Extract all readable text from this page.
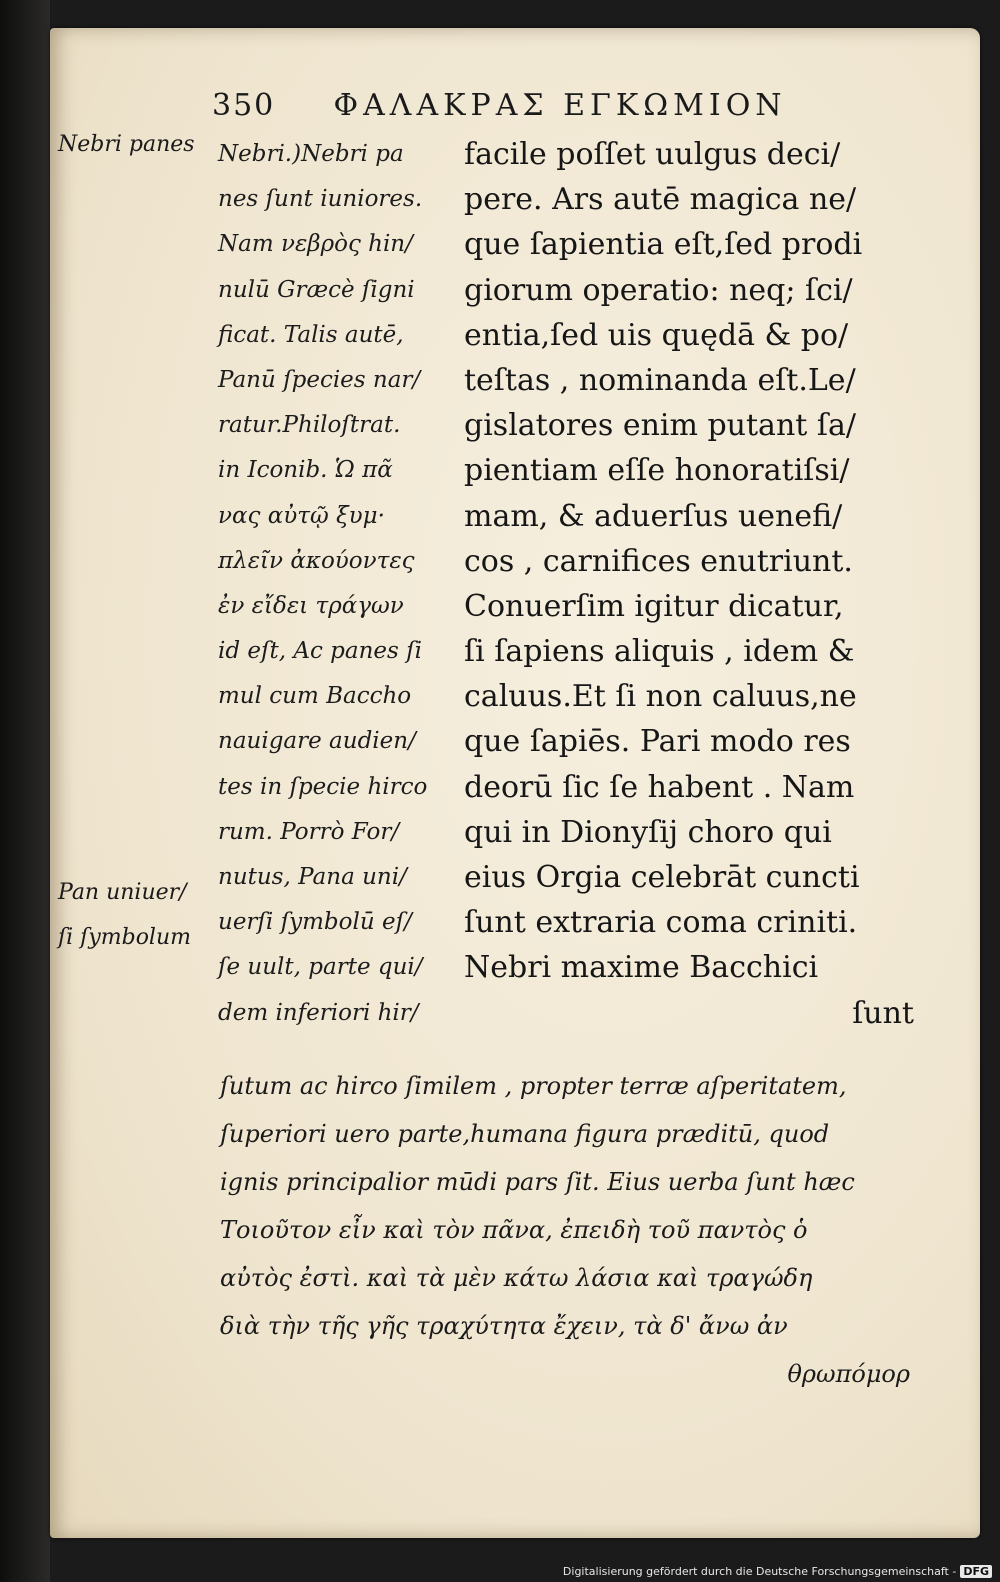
350 ΦΑΛΑΚΡΑΣ ΕΓΚΩΜΙΟΝ
Nebri panes
Pan uniuer/
ſi ſymbolum
Nebri.)Nebri pa
nes ſunt iuniores.
Nam νεβρὸς hin/
nulū Græcè ſigni
ficat. Talis autē,
Panū ſpecies nar/
ratur.Philoſtrat.
in Iconib. Ὡ πᾶ
νας αὐτῷ ξυμ·
πλεῖν ἀκούοντες
ἐν εἴδει τράγων
id eſt, Ac panes ſi
mul cum Baccho
nauigare audien/
tes in ſpecie hirco
rum. Porrò For/
nutus, Pana uni/
uerſi ſymbolū eſ/
ſe uult, parte qui/
dem inferiori hir/
facile poſſet uulgus deci/
pere. Ars autē magica ne/
que ſapientia eſt,ſed prodi
giorum operatio: neq; ſci/
entia,ſed uis quędā & po/
teſtas , nominanda eſt.Le/
gislatores enim putant ſa/
pientiam eſſe honoratiſsi/
mam, & aduerſus uenefi/
cos , carnifices enutriunt.
Conuerſim igitur dicatur,
ſi ſapiens aliquis , idem &
caluus.Et ſi non caluus,ne
que ſapiēs. Pari modo res
deorū ſic ſe habent . Nam
qui in Dionyſij choro qui
eius Orgia celebrāt cuncti
ſunt extraria coma criniti.
Nebri maxime Bacchici
ſunt
ſutum ac hirco ſimilem , propter terræ aſperitatem,
ſuperiori uero parte,humana figura præditū, quod
ignis principalior mūdi pars ſit. Eius uerba ſunt hæc
Τοιοῦτον εἶν καὶ τὸν πᾶνα, ἐπειδὴ τοῦ παντὸς ὁ
αὐτὸς ἐστὶ. καὶ τὰ μὲν κάτω λάσια καὶ τραγώδη
διὰ τὴν τῆς γῆς τραχύτητα ἔχειν, τὰ δ' ἄνω ἀν
θρωπόμορ
Digitalisierung gefördert durch die Deutsche Forschungsgemeinschaft - DFG
